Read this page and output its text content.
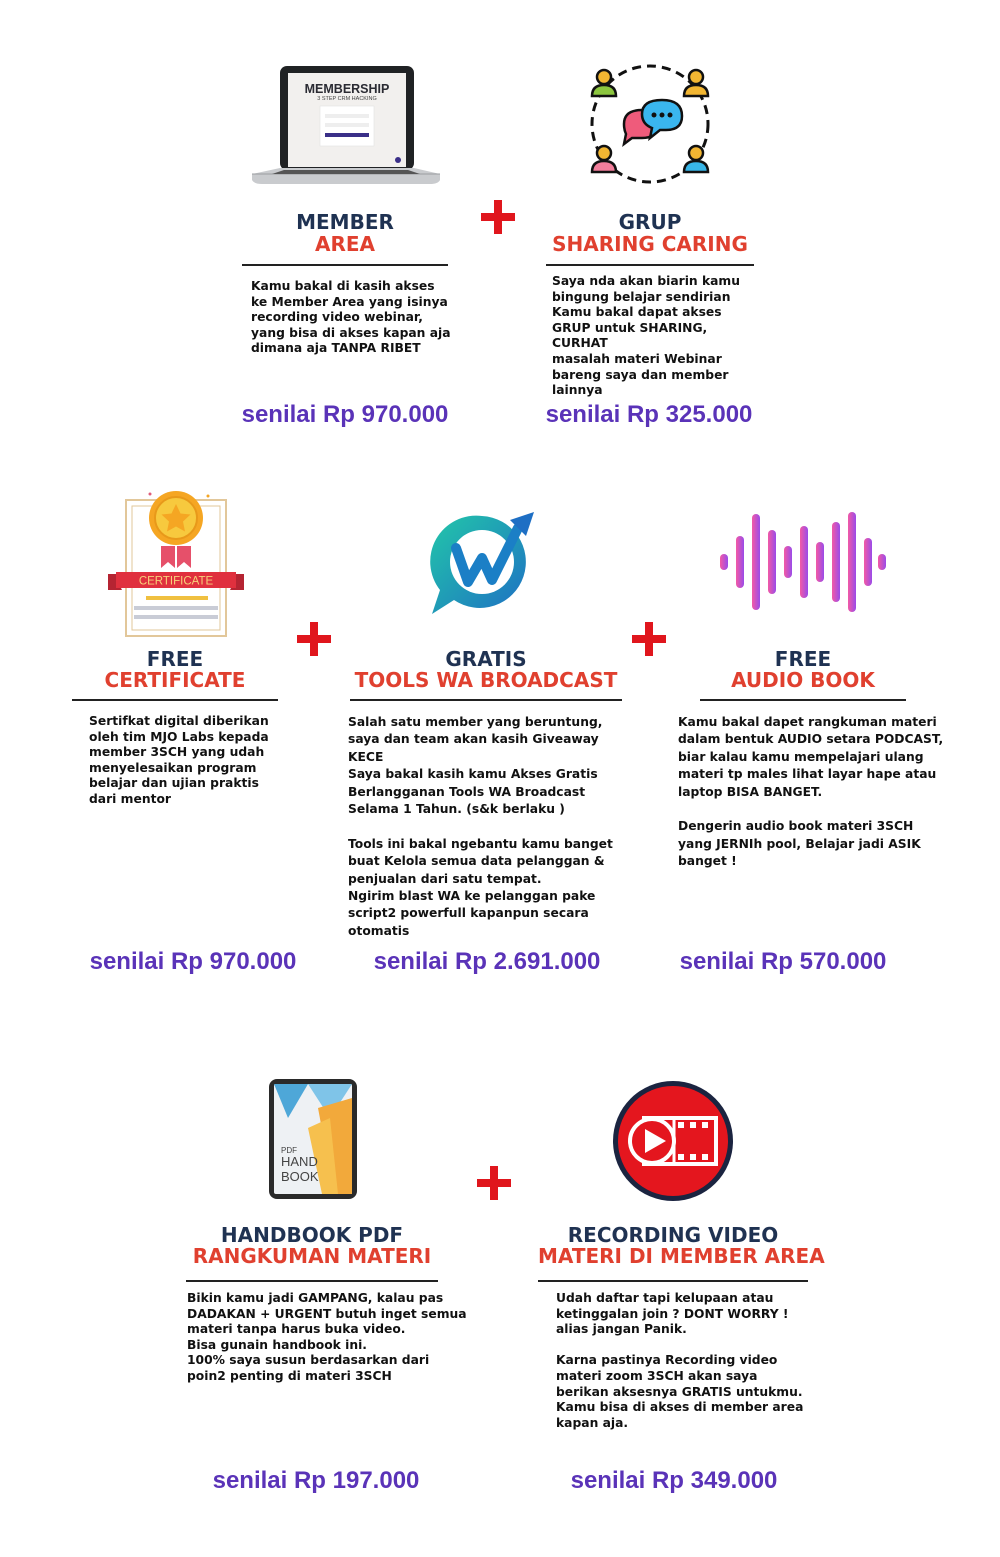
MEMBERSHIP
3 STEP CRM HACKING
MEMBER
AREA
Kamu bakal di kasih akses
ke Member Area yang isinya
recording video webinar,
yang bisa di akses kapan aja
dimana aja TANPA RIBET
senilai Rp 970.000
GRUP
SHARING CARING
Saya nda akan biarin kamu
bingung belajar sendirian
Kamu bakal dapat akses
GRUP untuk SHARING, CURHAT
masalah materi Webinar
bareng saya dan member
lainnya
senilai Rp 325.000
CERTIFICATE
FREE
CERTIFICATE
Sertifkat digital diberikan
oleh tim MJO Labs kepada
member 3SCH yang udah
menyelesaikan program
belajar dan ujian praktis
dari mentor
senilai Rp 970.000
GRATIS
TOOLS WA BROADCAST
Salah satu member yang beruntung,
saya dan team akan kasih Giveaway KECE
Saya bakal kasih kamu Akses Gratis
Berlangganan Tools WA Broadcast
Selama 1 Tahun. (s&k berlaku )

Tools ini bakal ngebantu kamu banget
buat Kelola semua data pelanggan &
penjualan dari satu tempat.
Ngirim blast WA ke pelanggan pake
script2 powerfull kapanpun secara
otomatis
senilai Rp 2.691.000
FREE
AUDIO BOOK
Kamu bakal dapet rangkuman materi
dalam bentuk AUDIO setara PODCAST,
biar kalau kamu mempelajari ulang
materi tp males lihat layar hape atau
laptop BISA BANGET.

Dengerin audio book materi 3SCH
yang JERNIh pool, Belajar jadi ASIK
banget !
senilai Rp 570.000
PDF
HAND
BOOK
HANDBOOK PDF
RANGKUMAN MATERI
Bikin kamu jadi GAMPANG, kalau pas
DADAKAN + URGENT butuh inget semua
materi tanpa harus buka video.
Bisa gunain handbook ini.
100% saya susun berdasarkan dari
poin2 penting di materi 3SCH
senilai Rp 197.000
RECORDING VIDEO
MATERI DI MEMBER AREA
Udah daftar tapi kelupaan atau
ketinggalan join ? DONT WORRY !
alias jangan Panik.

Karna pastinya Recording video
materi zoom 3SCH akan saya
berikan aksesnya GRATIS untukmu.
Kamu bisa di akses di member area
kapan aja.
senilai Rp 349.000
